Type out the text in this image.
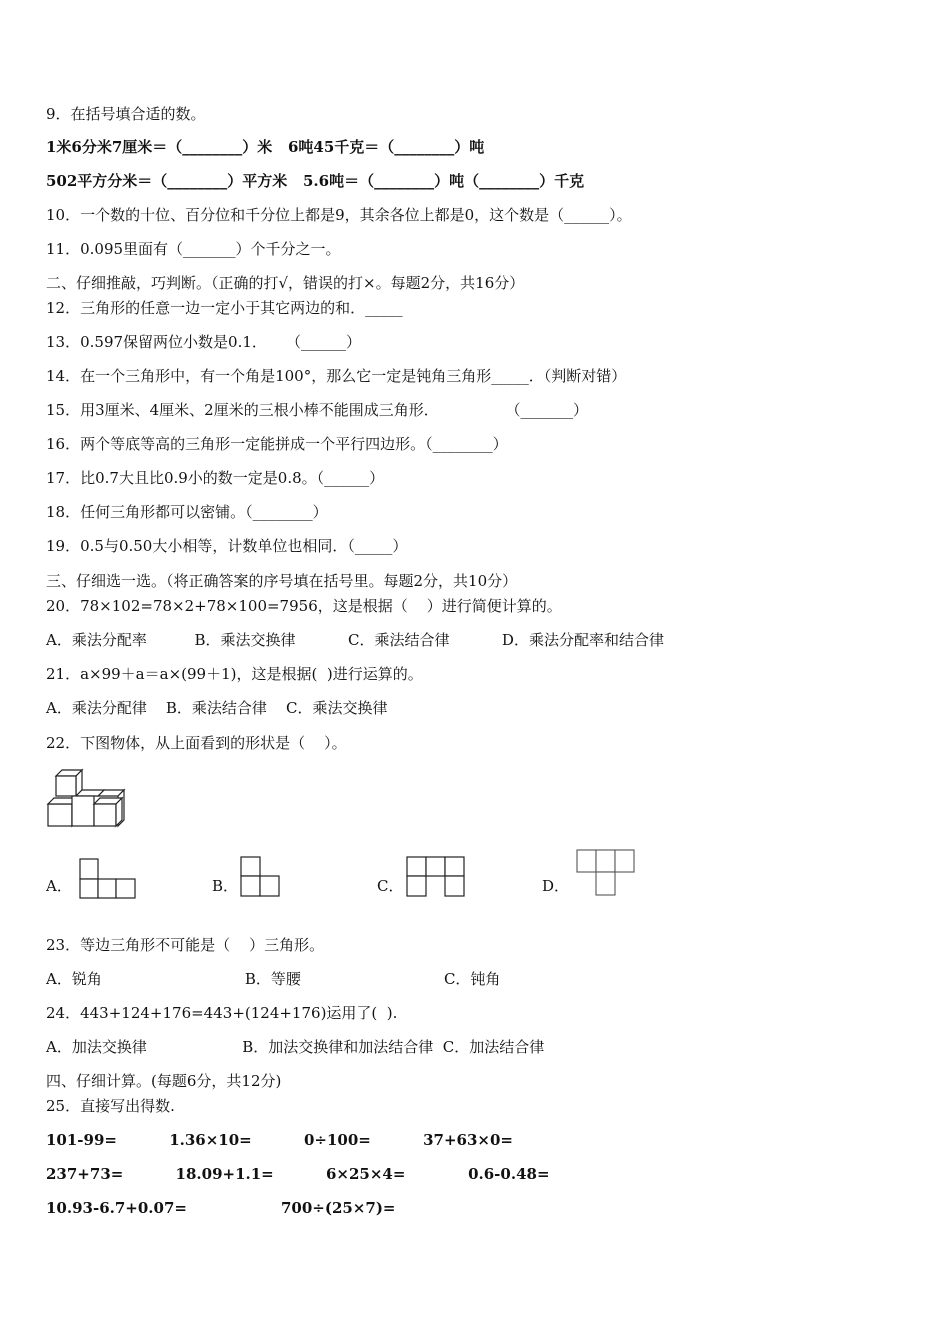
9．在括号填合适的数。
1米6分米7厘米＝（________）米   6吨45千克＝（________）吨
502平方分米＝（________）平方米   5.6吨＝（________）吨（________）千克
10．一个数的十位、百分位和千分位上都是9，其余各位上都是0，这个数是（______）。
11．0.095里面有（_______）个千分之一。
二、仔细推敲，巧判断。（正确的打√，错误的打×。每题2分，共16分）
12．三角形的任意一边一定小于其它两边的和．_____
13．0.597保留两位小数是0.1．    （______）
14．在一个三角形中，有一个角是100°，那么它一定是钝角三角形_____．（判断对错）
15．用3厘米、4厘米、2厘米的三根小棒不能围成三角形．              （_______）
16．两个等底等高的三角形一定能拼成一个平行四边形。（________）
17．比0.7大且比0.9小的数一定是0.8。（______）
18．任何三角形都可以密铺。（________）
19．0.5与0.50大小相等，计数单位也相同．（_____）
三、仔细选一选。（将正确答案的序号填在括号里。每题2分，共10分）
20．78×102=78×2+78×100=7956，这是根据（    ）进行简便计算的。
A．乘法分配率          B．乘法交换律           C．乘法结合律           D．乘法分配率和结合律
21．a×99＋a＝a×(99＋1)，这是根据(  )进行运算的。
A．乘法分配律    B．乘法结合律    C．乘法交换律
22．下图物体，从上面看到的形状是（    ）。
A．	B．	C．	D．
23．等边三角形不可能是（    ）三角形。
A．锐角                              B．等腰                              C．钝角
24．443+124+176=443+(124+176)运用了(  ).
A．加法交换律                    B．加法交换律和加法结合律  C．加法结合律
四、仔细计算。(每题6分，共12分)
25．直接写出得数.
101-99=          1.36×10=          0÷100=          37+63×0=
237+73=          18.09+1.1=          6×25×4=            0.6-0.48=
10.93-6.7+0.07=                  700÷(25×7)=
